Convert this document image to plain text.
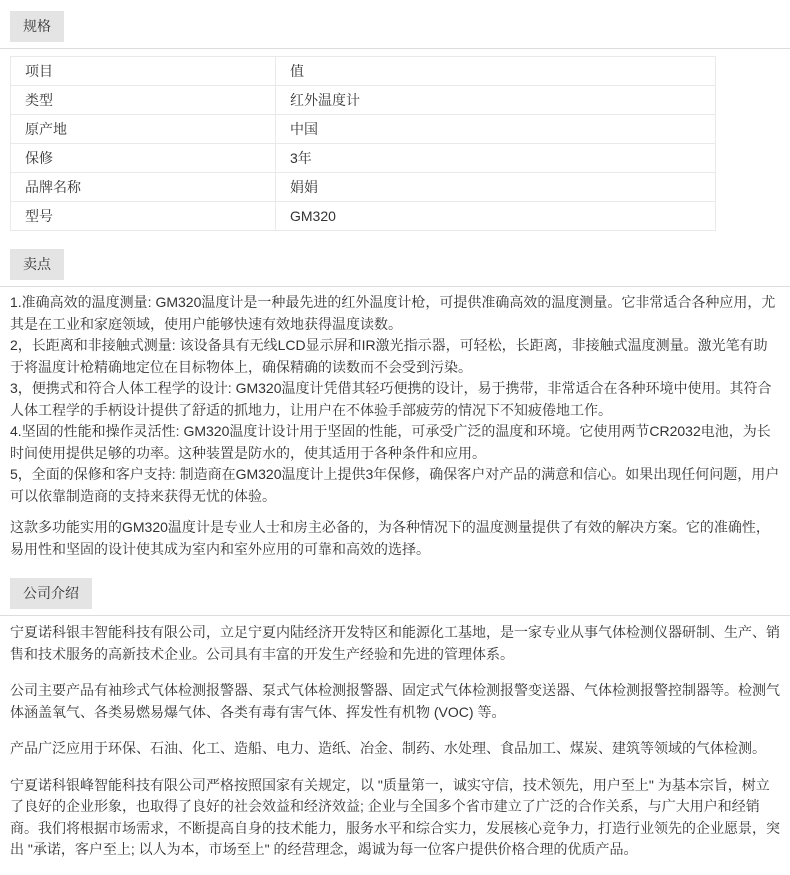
规格
项目	值
类型	红外温度计
原产地	中国
保修	3年
品牌名称	娟娟
型号	GM320
卖点
1.准确高效的温度测量: GM320温度计是一种最先进的红外温度计枪，可提供准确高效的温度测量。它非常适合各种应用，尤其是在工业和家庭领域，使用户能够快速有效地获得温度读数。
2，长距离和非接触式测量: 该设备具有无线LCD显示屏和IR激光指示器，可轻松，长距离，非接触式温度测量。激光笔有助于将温度计枪精确地定位在目标物体上，确保精确的读数而不会受到污染。
3，便携式和符合人体工程学的设计: GM320温度计凭借其轻巧便携的设计，易于携带，非常适合在各种环境中使用。其符合人体工程学的手柄设计提供了舒适的抓地力，让用户在不体验手部疲劳的情况下不知疲倦地工作。
4.坚固的性能和操作灵活性: GM320温度计设计用于坚固的性能，可承受广泛的温度和环境。它使用两节CR2032电池，为长时间使用提供足够的功率。这种装置是防水的，使其适用于各种条件和应用。
5，全面的保修和客户支持: 制造商在GM320温度计上提供3年保修，确保客户对产品的满意和信心。如果出现任何问题，用户可以依靠制造商的支持来获得无忧的体验。

这款多功能实用的GM320温度计是专业人士和房主必备的，为各种情况下的温度测量提供了有效的解决方案。它的准确性，易用性和坚固的设计使其成为室内和室外应用的可靠和高效的选择。

公司介绍

宁夏诺科银丰智能科技有限公司，立足宁夏内陆经济开发特区和能源化工基地，是一家专业从事气体检测仪器研制、生产、销售和技术服务的高新技术企业。公司具有丰富的开发生产经验和先进的管理体系。

公司主要产品有袖珍式气体检测报警器、泵式气体检测报警器、固定式气体检测报警变送器、气体检测报警控制器等。检测气体涵盖氧气、各类易燃易爆气体、各类有毒有害气体、挥发性有机物 (VOC) 等。

产品广泛应用于环保、石油、化工、造船、电力、造纸、冶金、制药、水处理、食品加工、煤炭、建筑等领域的气体检测。

宁夏诺科银峰智能科技有限公司严格按照国家有关规定，以 "质量第一，诚实守信，技术领先，用户至上" 为基本宗旨，树立了良好的企业形象，也取得了良好的社会效益和经济效益; 企业与全国多个省市建立了广泛的合作关系，与广大用户和经销商。我们将根据市场需求，不断提高自身的技术能力，服务水平和综合实力，发展核心竞争力，打造行业领先的企业愿景，突出 "承诺，客户至上; 以人为本，市场至上" 的经营理念，竭诚为每一位客户提供价格合理的优质产品。
